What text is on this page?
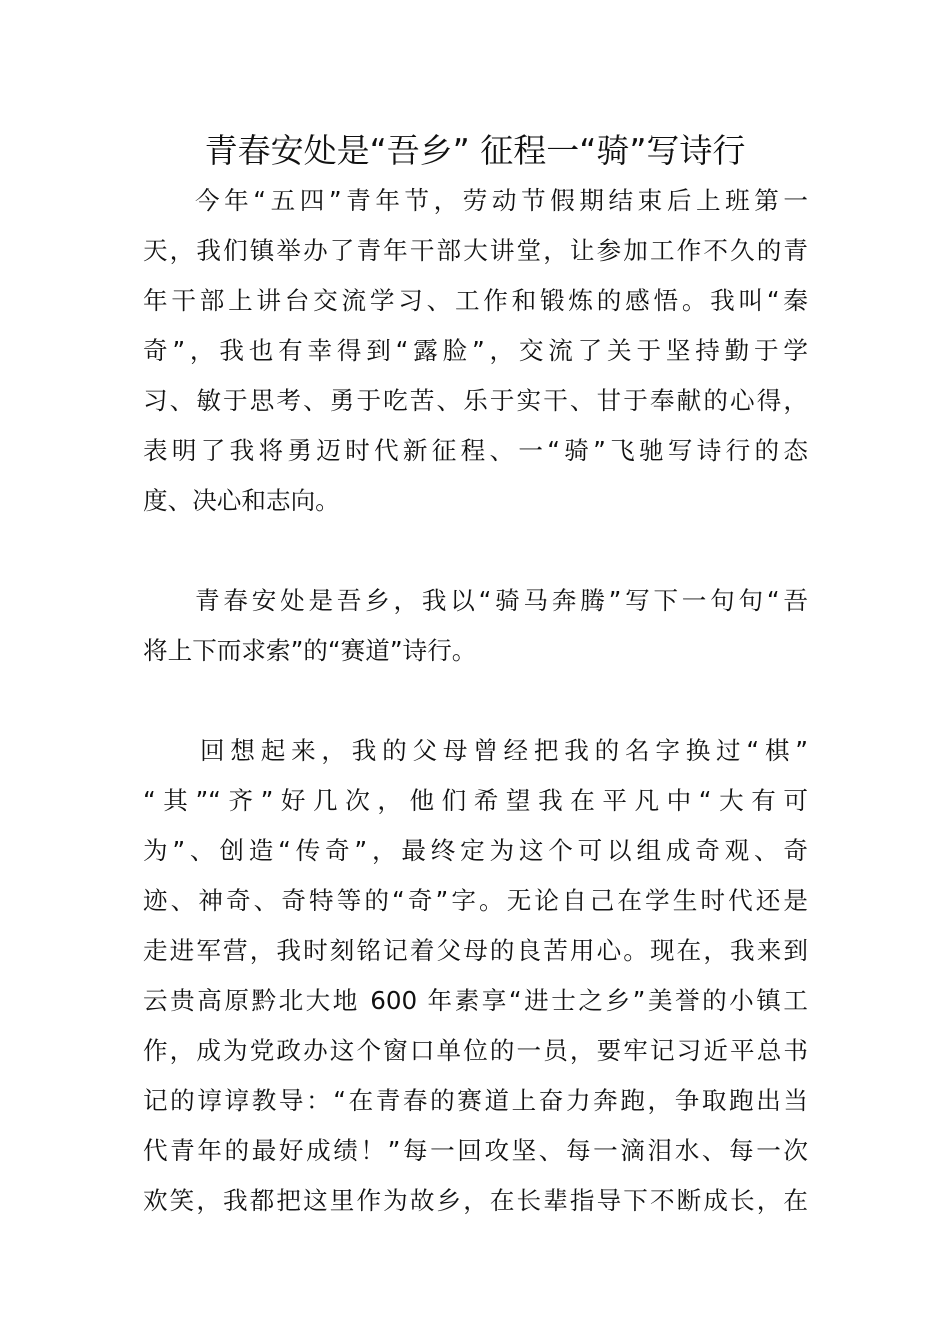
青春安处是“吾乡” 征程一“骑”写诗行

今年“五四”青年节，劳动节假期结束后上班第一

天，我们镇举办了青年干部大讲堂，让参加工作不久的青

年干部上讲台交流学习、工作和锻炼的感悟。我叫“秦

奇”，我也有幸得到“露脸”，交流了关于坚持勤于学

习、敏于思考、勇于吃苦、乐于实干、甘于奉献的心得，

表明了我将勇迈时代新征程、一“骑”飞驰写诗行的态

度、决心和志向。

青春安处是吾乡，我以“骑马奔腾”写下一句句“吾

将上下而求索”的“赛道”诗行。

回想起来，我的父母曾经把我的名字换过“棋”

“其”“齐”好几次，他们希望我在平凡中“大有可

为”、创造“传奇”，最终定为这个可以组成奇观、奇

迹、神奇、奇特等的“奇”字。无论自己在学生时代还是

走进军营，我时刻铭记着父母的良苦用心。现在，我来到

云贵高原黔北大地 600 年素享“进士之乡”美誉的小镇工

作，成为党政办这个窗口单位的一员，要牢记习近平总书

记的谆谆教导：“在青春的赛道上奋力奔跑，争取跑出当

代青年的最好成绩！”每一回攻坚、每一滴泪水、每一次

欢笑，我都把这里作为故乡，在长辈指导下不断成长，在
